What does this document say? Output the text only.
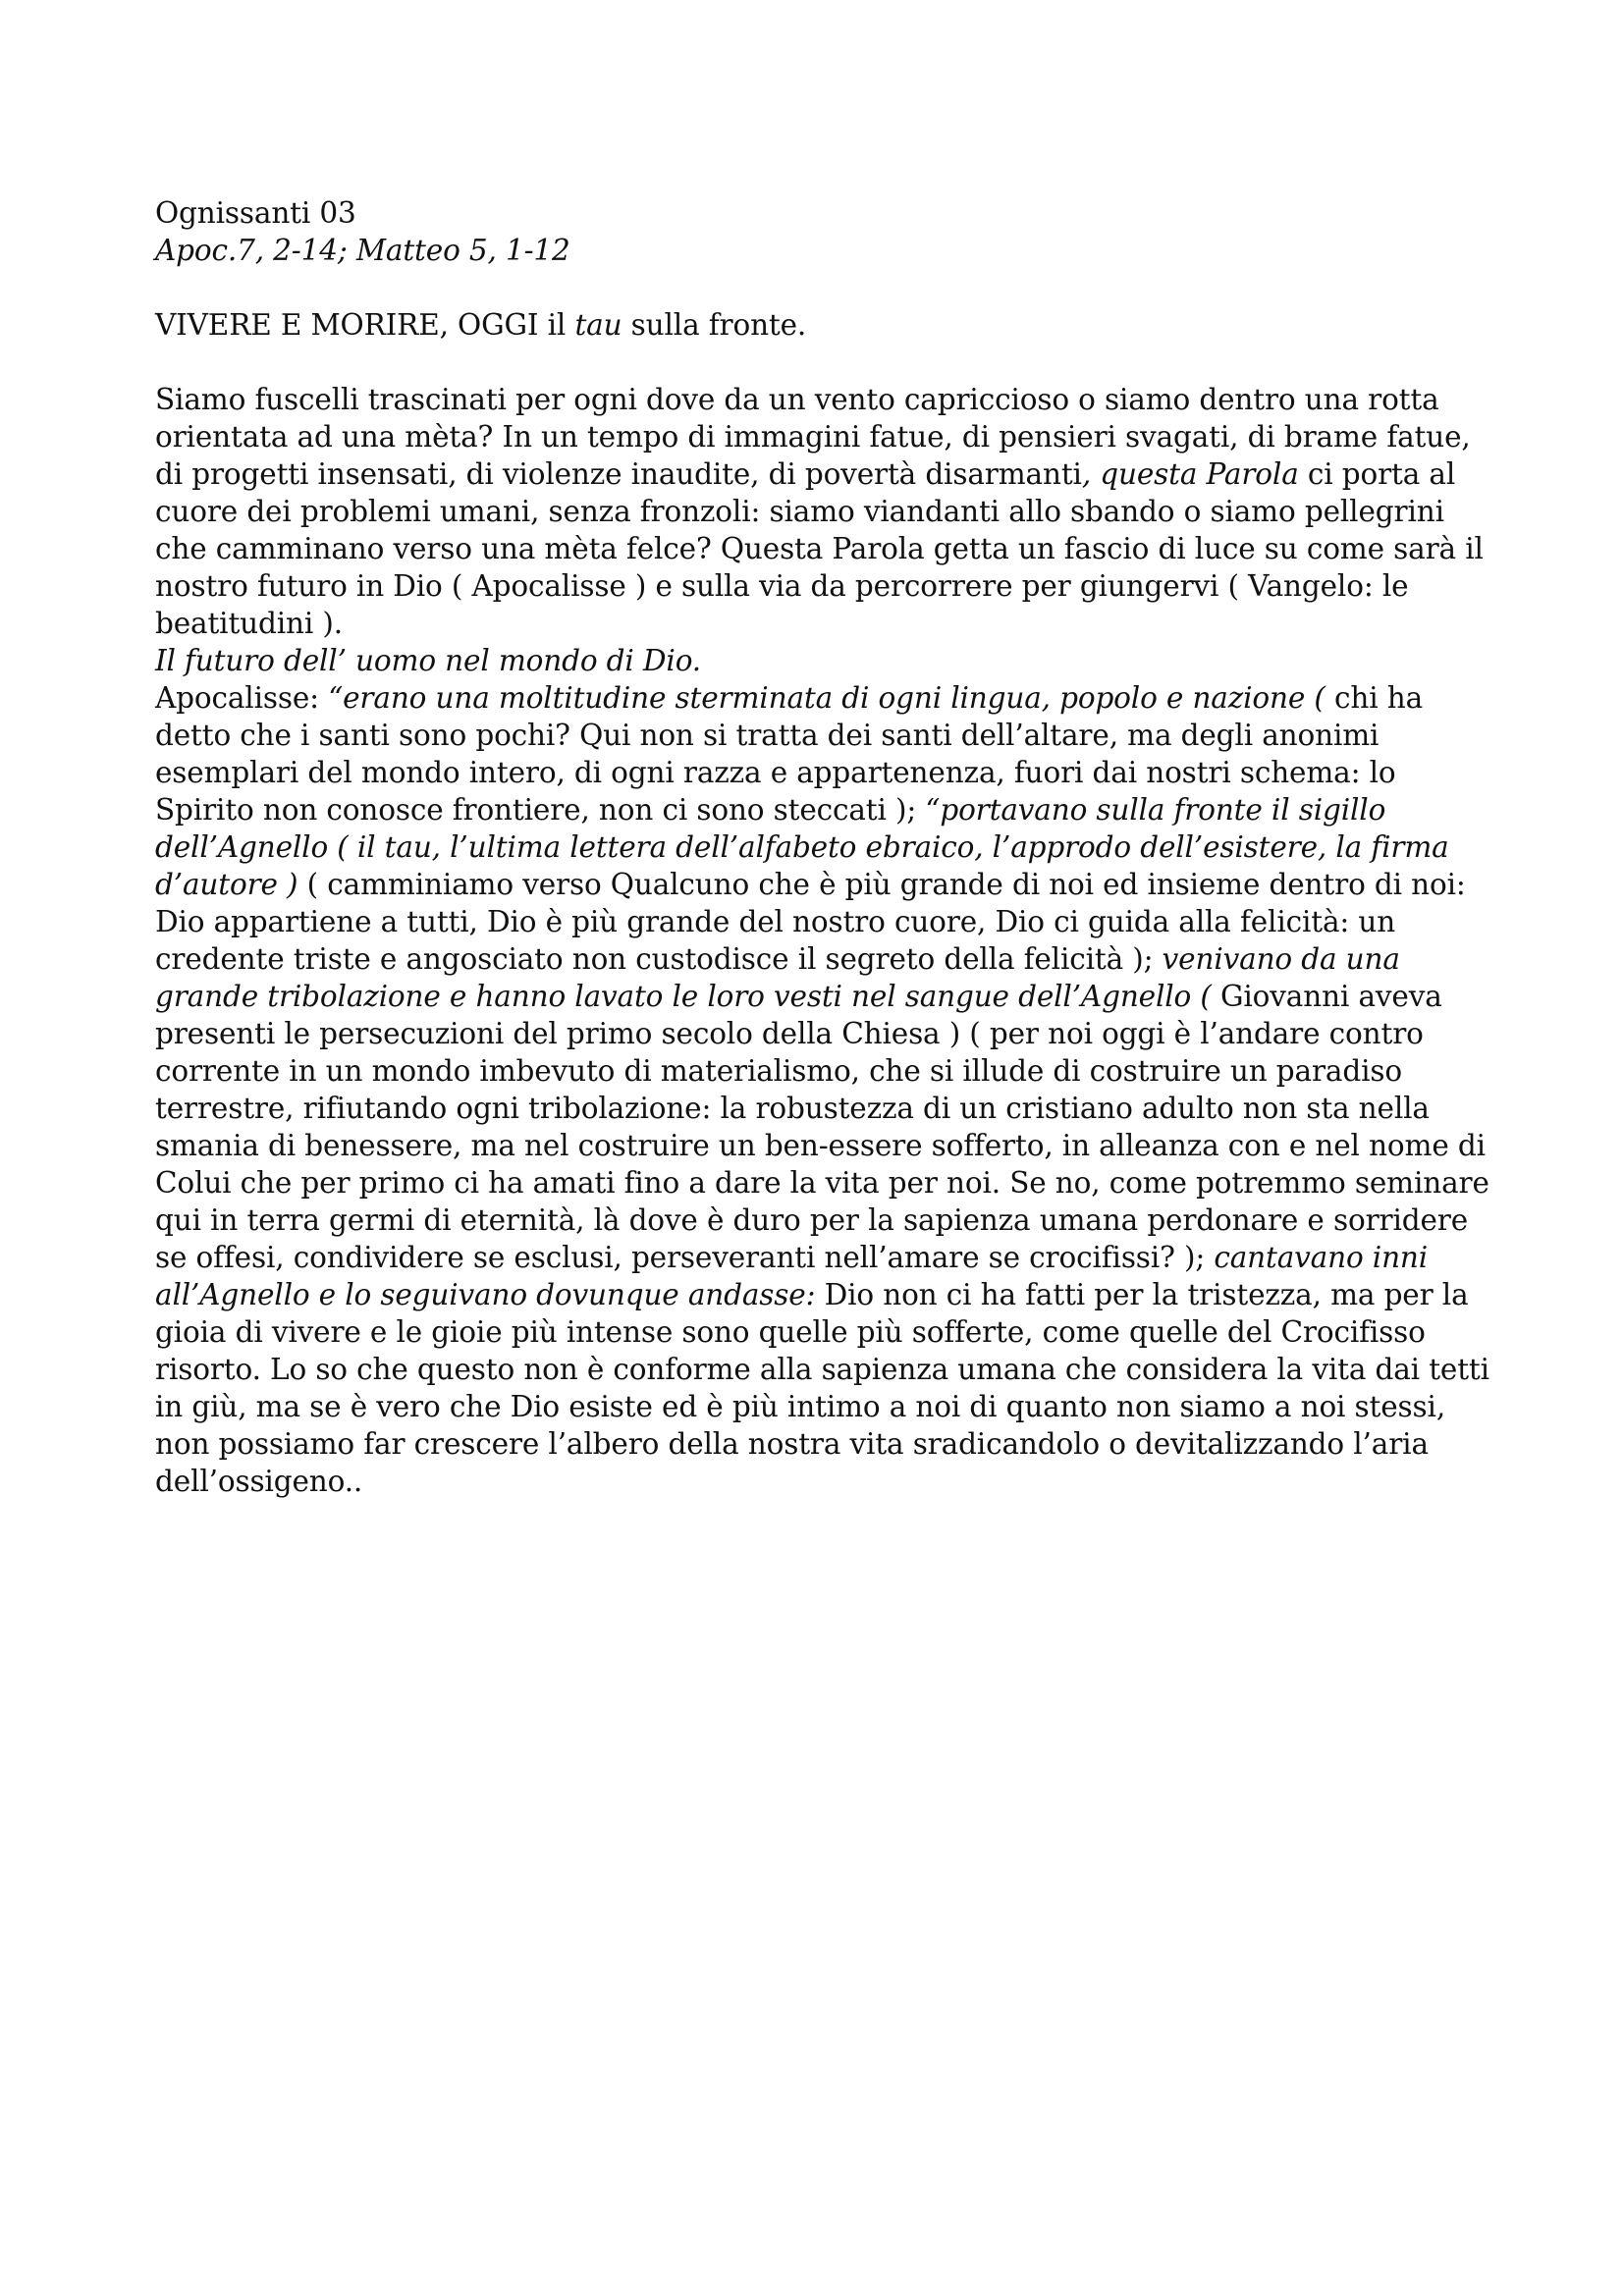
Ognissanti 03
Apoc.7, 2-14; Matteo 5, 1-12
VIVERE E MORIRE, OGGI il tau sulla fronte.
Siamo fuscelli trascinati per ogni dove da un vento capriccioso o siamo dentro una rotta
orientata ad una mèta? In un tempo di immagini fatue, di pensieri svagati, di brame fatue,
di progetti insensati, di violenze inaudite, di povertà disarmanti, questa Parola ci porta al
cuore dei problemi umani, senza fronzoli: siamo viandanti allo sbando o siamo pellegrini
che camminano verso una mèta felce? Questa Parola getta un fascio di luce su come sarà il
nostro futuro in Dio ( Apocalisse ) e sulla via da percorrere per giungervi ( Vangelo: le
beatitudini ).
Il futuro dell’ uomo nel mondo di Dio.
Apocalisse: “erano una moltitudine sterminata di ogni lingua, popolo e nazione ( chi ha
detto che i santi sono pochi? Qui non si tratta dei santi dell’altare, ma degli anonimi
esemplari del mondo intero, di ogni razza e appartenenza, fuori dai nostri schema: lo
Spirito non conosce frontiere, non ci sono steccati ); “portavano sulla fronte il sigillo
dell’Agnello ( il tau, l’ultima lettera dell’alfabeto ebraico, l’approdo dell’esistere, la firma
d’autore ) ( camminiamo verso Qualcuno che è più grande di noi ed insieme dentro di noi:
Dio appartiene a tutti, Dio è più grande del nostro cuore, Dio ci guida alla felicità: un
credente triste e angosciato non custodisce il segreto della felicità ); venivano da una
grande tribolazione e hanno lavato le loro vesti nel sangue dell’Agnello ( Giovanni aveva
presenti le persecuzioni del primo secolo della Chiesa ) ( per noi oggi è l’andare contro
corrente in un mondo imbevuto di materialismo, che si illude di costruire un paradiso
terrestre, rifiutando ogni tribolazione: la robustezza di un cristiano adulto non sta nella
smania di benessere, ma nel costruire un ben-essere sofferto, in alleanza con e nel nome di
Colui che per primo ci ha amati fino a dare la vita per noi. Se no, come potremmo seminare
qui in terra germi di eternità, là dove è duro per la sapienza umana perdonare e sorridere
se offesi, condividere se esclusi, perseveranti nell’amare se crocifissi? ); cantavano inni
all’Agnello e lo seguivano dovunque andasse: Dio non ci ha fatti per la tristezza, ma per la
gioia di vivere e le gioie più intense sono quelle più sofferte, come quelle del Crocifisso
risorto. Lo so che questo non è conforme alla sapienza umana che considera la vita dai tetti
in giù, ma se è vero che Dio esiste ed è più intimo a noi di quanto non siamo a noi stessi,
non possiamo far crescere l’albero della nostra vita sradicandolo o devitalizzando l’aria
dell’ossigeno..
